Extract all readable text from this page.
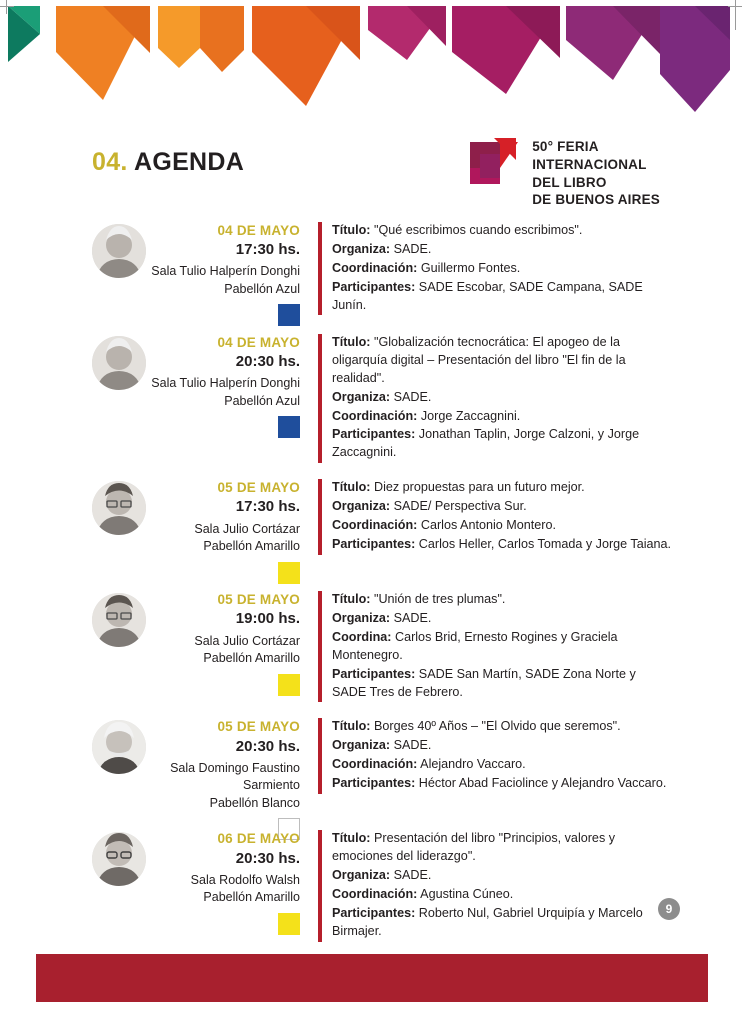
04. AGENDA
50° FERIA
INTERNACIONAL
DEL LIBRO
DE BUENOS AIRES
04 DE MAYO
17:30 hs.
Sala Tulio Halperín Donghi
Pabellón Azul

Título: "Qué escribimos cuando escribimos".

Organiza: SADE.

Coordinación: Guillermo Fontes.

Participantes: SADE Escobar, SADE Campana, SADE Junín.

04 DE MAYO
20:30 hs.
Sala Tulio Halperín Donghi
Pabellón Azul

Título: "Globalización tecnocrática: El apogeo de la oligarquía digital – Presentación del libro "El fin de la realidad".

Organiza: SADE.

Coordinación: Jorge Zaccagnini.

Participantes: Jonathan Taplin, Jorge Calzoni, y Jorge Zaccagnini.

05 DE MAYO
17:30 hs.
Sala Julio Cortázar
Pabellón Amarillo

Título: Diez propuestas para un futuro mejor.

Organiza: SADE/ Perspectiva Sur.

Coordinación: Carlos Antonio Montero.

Participantes: Carlos Heller, Carlos Tomada y Jorge Taiana.

05 DE MAYO
19:00 hs.
Sala Julio Cortázar
Pabellón Amarillo

Título: "Unión de tres plumas".

Organiza: SADE.

Coordina: Carlos Brid, Ernesto Rogines y Graciela Montenegro.

Participantes: SADE San Martín, SADE Zona Norte y SADE Tres de Febrero.

05 DE MAYO
20:30 hs.
Sala Domingo Faustino Sarmiento
Pabellón Blanco

Título: Borges 40º Años – "El Olvido que seremos".

Organiza: SADE.

Coordinación: Alejandro Vaccaro.

Participantes: Héctor Abad Faciolince y Alejandro Vaccaro.

06 DE MAYO
20:30 hs.
Sala Rodolfo Walsh
Pabellón Amarillo

Título: Presentación del libro "Principios, valores y emociones del liderazgo".

Organiza: SADE.

Coordinación: Agustina Cúneo.

Participantes: Roberto Nul, Gabriel Urquipía y Marcelo Birmajer.

9
